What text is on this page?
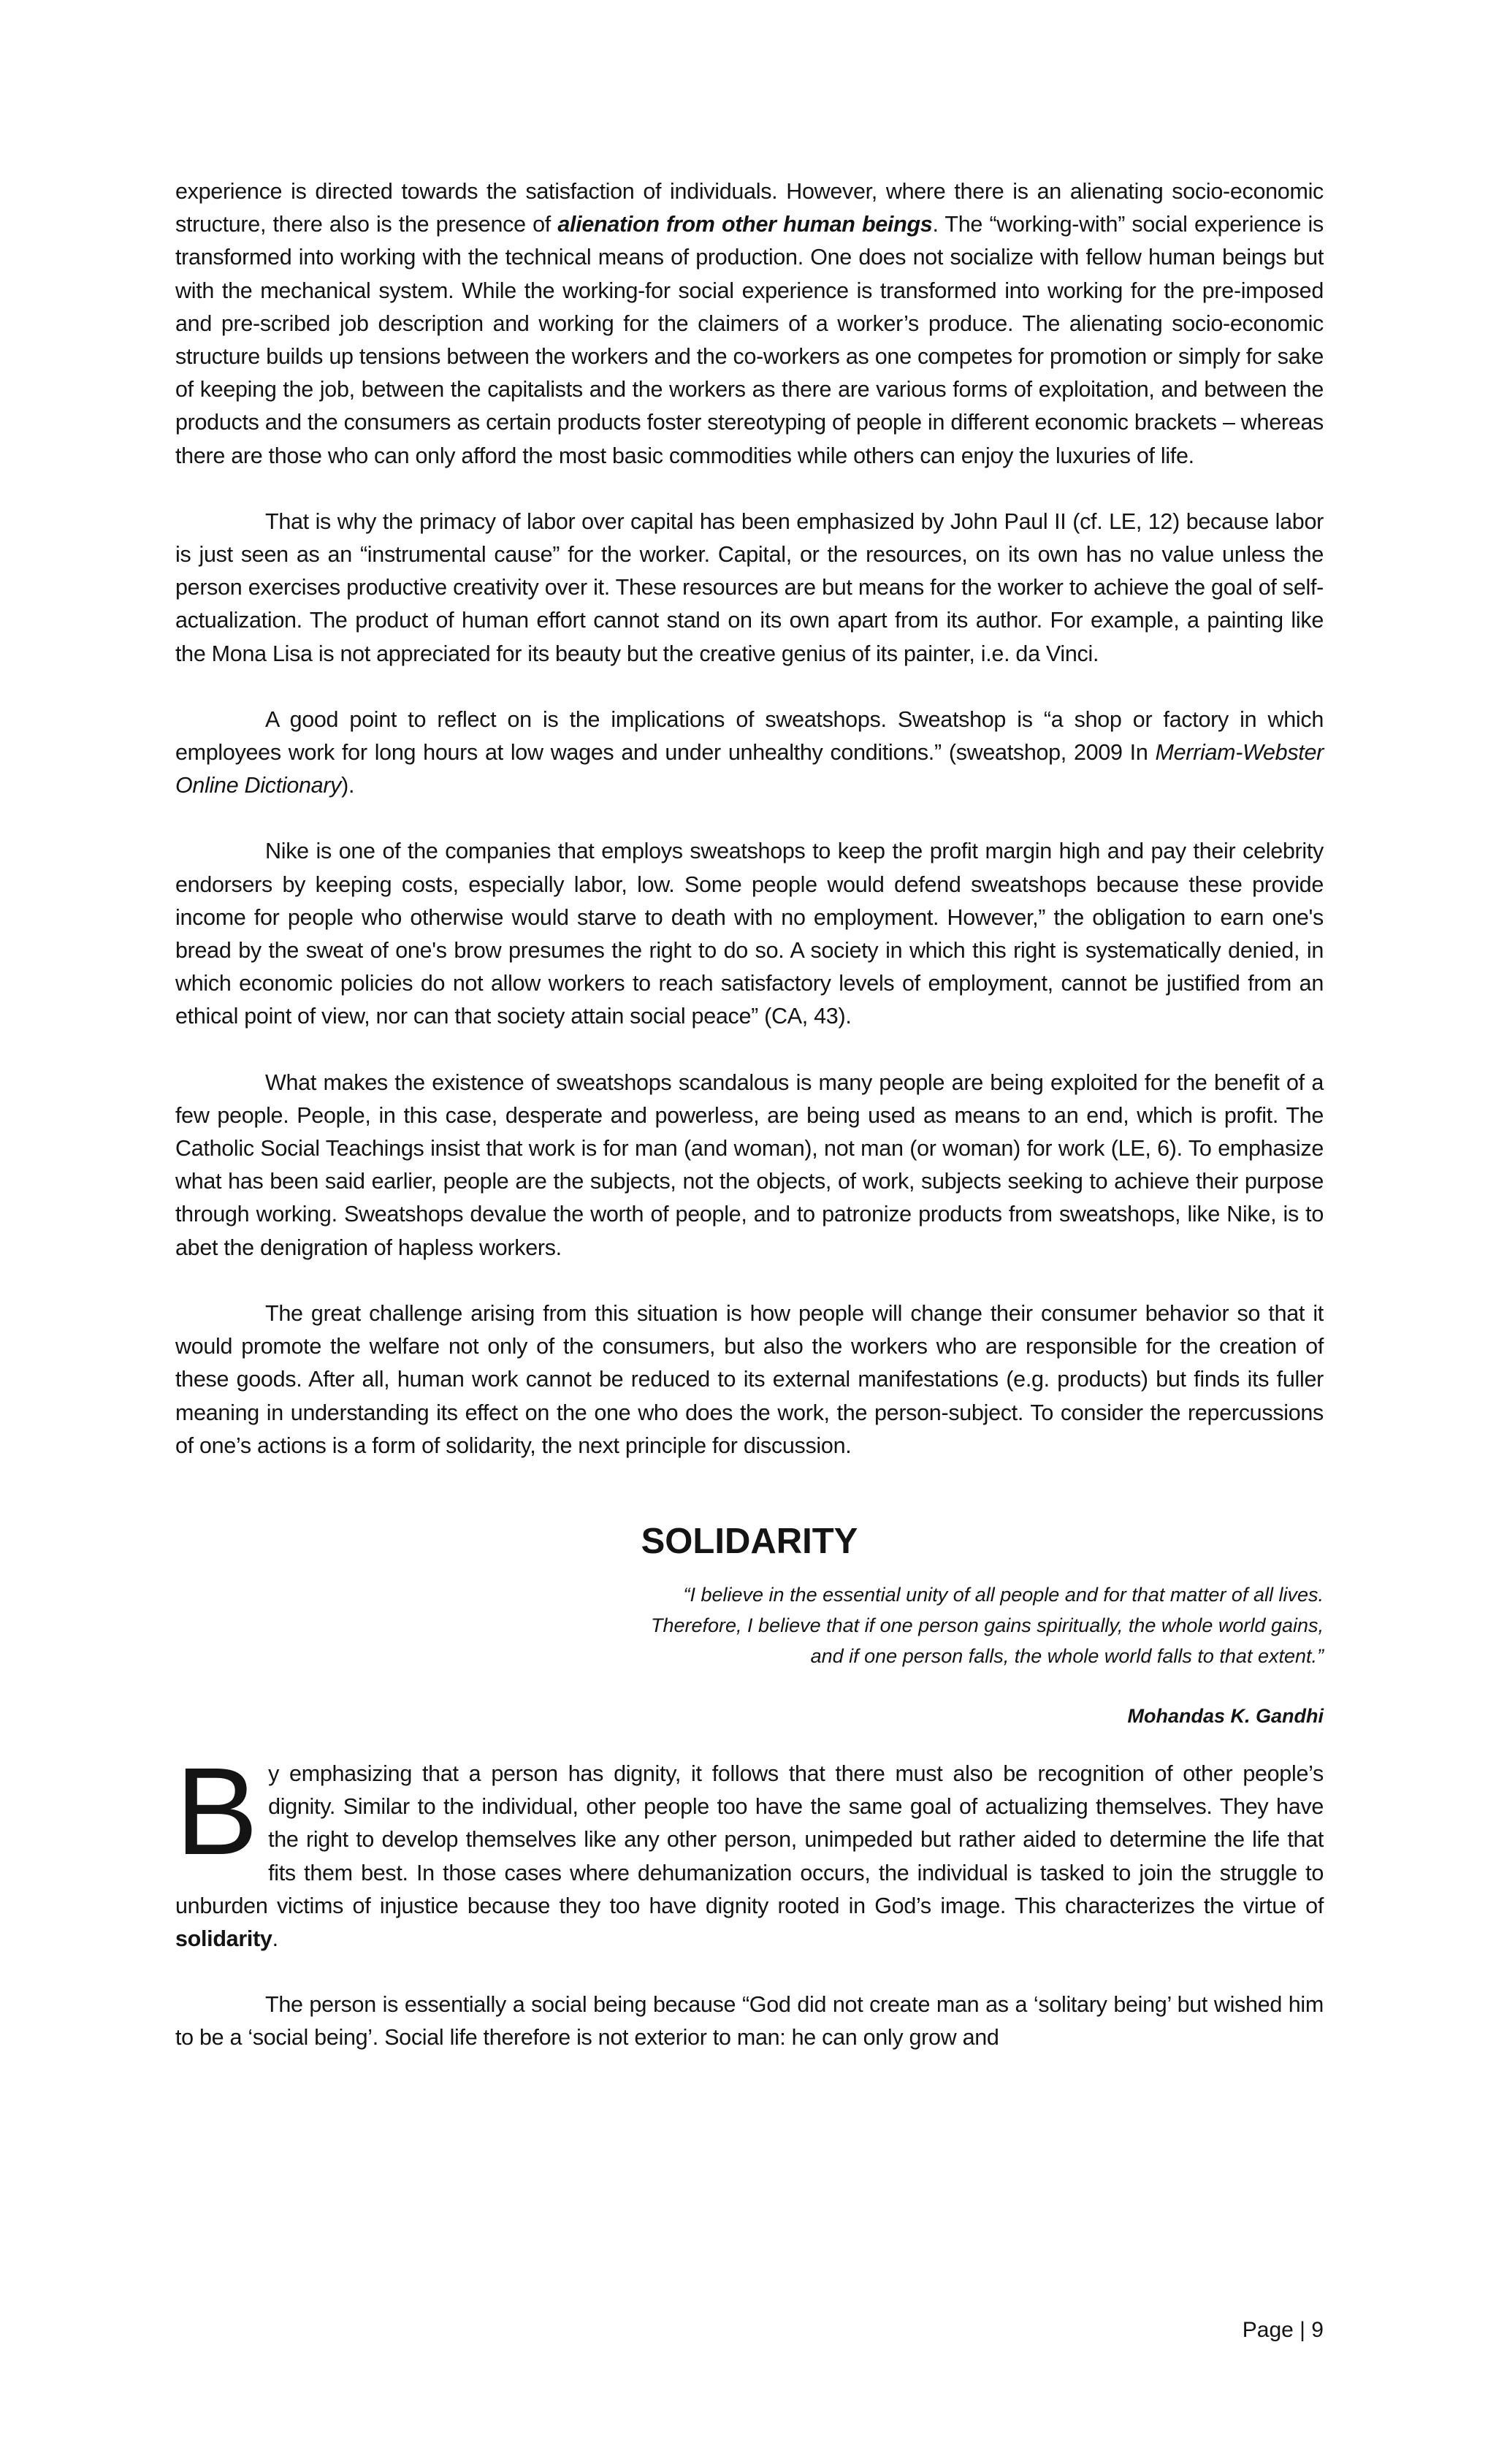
experience is directed towards the satisfaction of individuals. However, where there is an alienating socio-economic structure, there also is the presence of alienation from other human beings. The “working-with” social experience is transformed into working with the technical means of production. One does not socialize with fellow human beings but with the mechanical system. While the working-for social experience is transformed into working for the pre-imposed and pre-scribed job description and working for the claimers of a worker’s produce. The alienating socio-economic structure builds up tensions between the workers and the co-workers as one competes for promotion or simply for sake of keeping the job, between the capitalists and the workers as there are various forms of exploitation, and between the products and the consumers as certain products foster stereotyping of people in different economic brackets – whereas there are those who can only afford the most basic commodities while others can enjoy the luxuries of life.

That is why the primacy of labor over capital has been emphasized by John Paul II (cf. LE, 12) because labor is just seen as an “instrumental cause” for the worker. Capital, or the resources, on its own has no value unless the person exercises productive creativity over it. These resources are but means for the worker to achieve the goal of self-actualization. The product of human effort cannot stand on its own apart from its author. For example, a painting like the Mona Lisa is not appreciated for its beauty but the creative genius of its painter, i.e. da Vinci.

A good point to reflect on is the implications of sweatshops. Sweatshop is “a shop or factory in which employees work for long hours at low wages and under unhealthy conditions.” (sweatshop, 2009 In Merriam-Webster Online Dictionary).

Nike is one of the companies that employs sweatshops to keep the profit margin high and pay their celebrity endorsers by keeping costs, especially labor, low. Some people would defend sweatshops because these provide income for people who otherwise would starve to death with no employment. However,” the obligation to earn one's bread by the sweat of one's brow presumes the right to do so. A society in which this right is systematically denied, in which economic policies do not allow workers to reach satisfactory levels of employment, cannot be justified from an ethical point of view, nor can that society attain social peace” (CA, 43).

What makes the existence of sweatshops scandalous is many people are being exploited for the benefit of a few people. People, in this case, desperate and powerless, are being used as means to an end, which is profit. The Catholic Social Teachings insist that work is for man (and woman), not man (or woman) for work (LE, 6). To emphasize what has been said earlier, people are the subjects, not the objects, of work, subjects seeking to achieve their purpose through working. Sweatshops devalue the worth of people, and to patronize products from sweatshops, like Nike, is to abet the denigration of hapless workers.

The great challenge arising from this situation is how people will change their consumer behavior so that it would promote the welfare not only of the consumers, but also the workers who are responsible for the creation of these goods. After all, human work cannot be reduced to its external manifestations (e.g. products) but finds its fuller meaning in understanding its effect on the one who does the work, the person-subject. To consider the repercussions of one’s actions is a form of solidarity, the next principle for discussion.

SOLIDARITY
“I believe in the essential unity of all people and for that matter of all lives.
Therefore, I believe that if one person gains spiritually, the whole world gains,
and if one person falls, the whole world falls to that extent.”
Mohandas K. Gandhi

By emphasizing that a person has dignity, it follows that there must also be recognition of other people’s dignity. Similar to the individual, other people too have the same goal of actualizing themselves. They have the right to develop themselves like any other person, unimpeded but rather aided to determine the life that fits them best. In those cases where dehumanization occurs, the individual is tasked to join the struggle to unburden victims of injustice because they too have dignity rooted in God’s image. This characterizes the virtue of solidarity.

The person is essentially a social being because “God did not create man as a ‘solitary being’ but wished him to be a ‘social being’. Social life therefore is not exterior to man: he can only grow and

Page | 9
